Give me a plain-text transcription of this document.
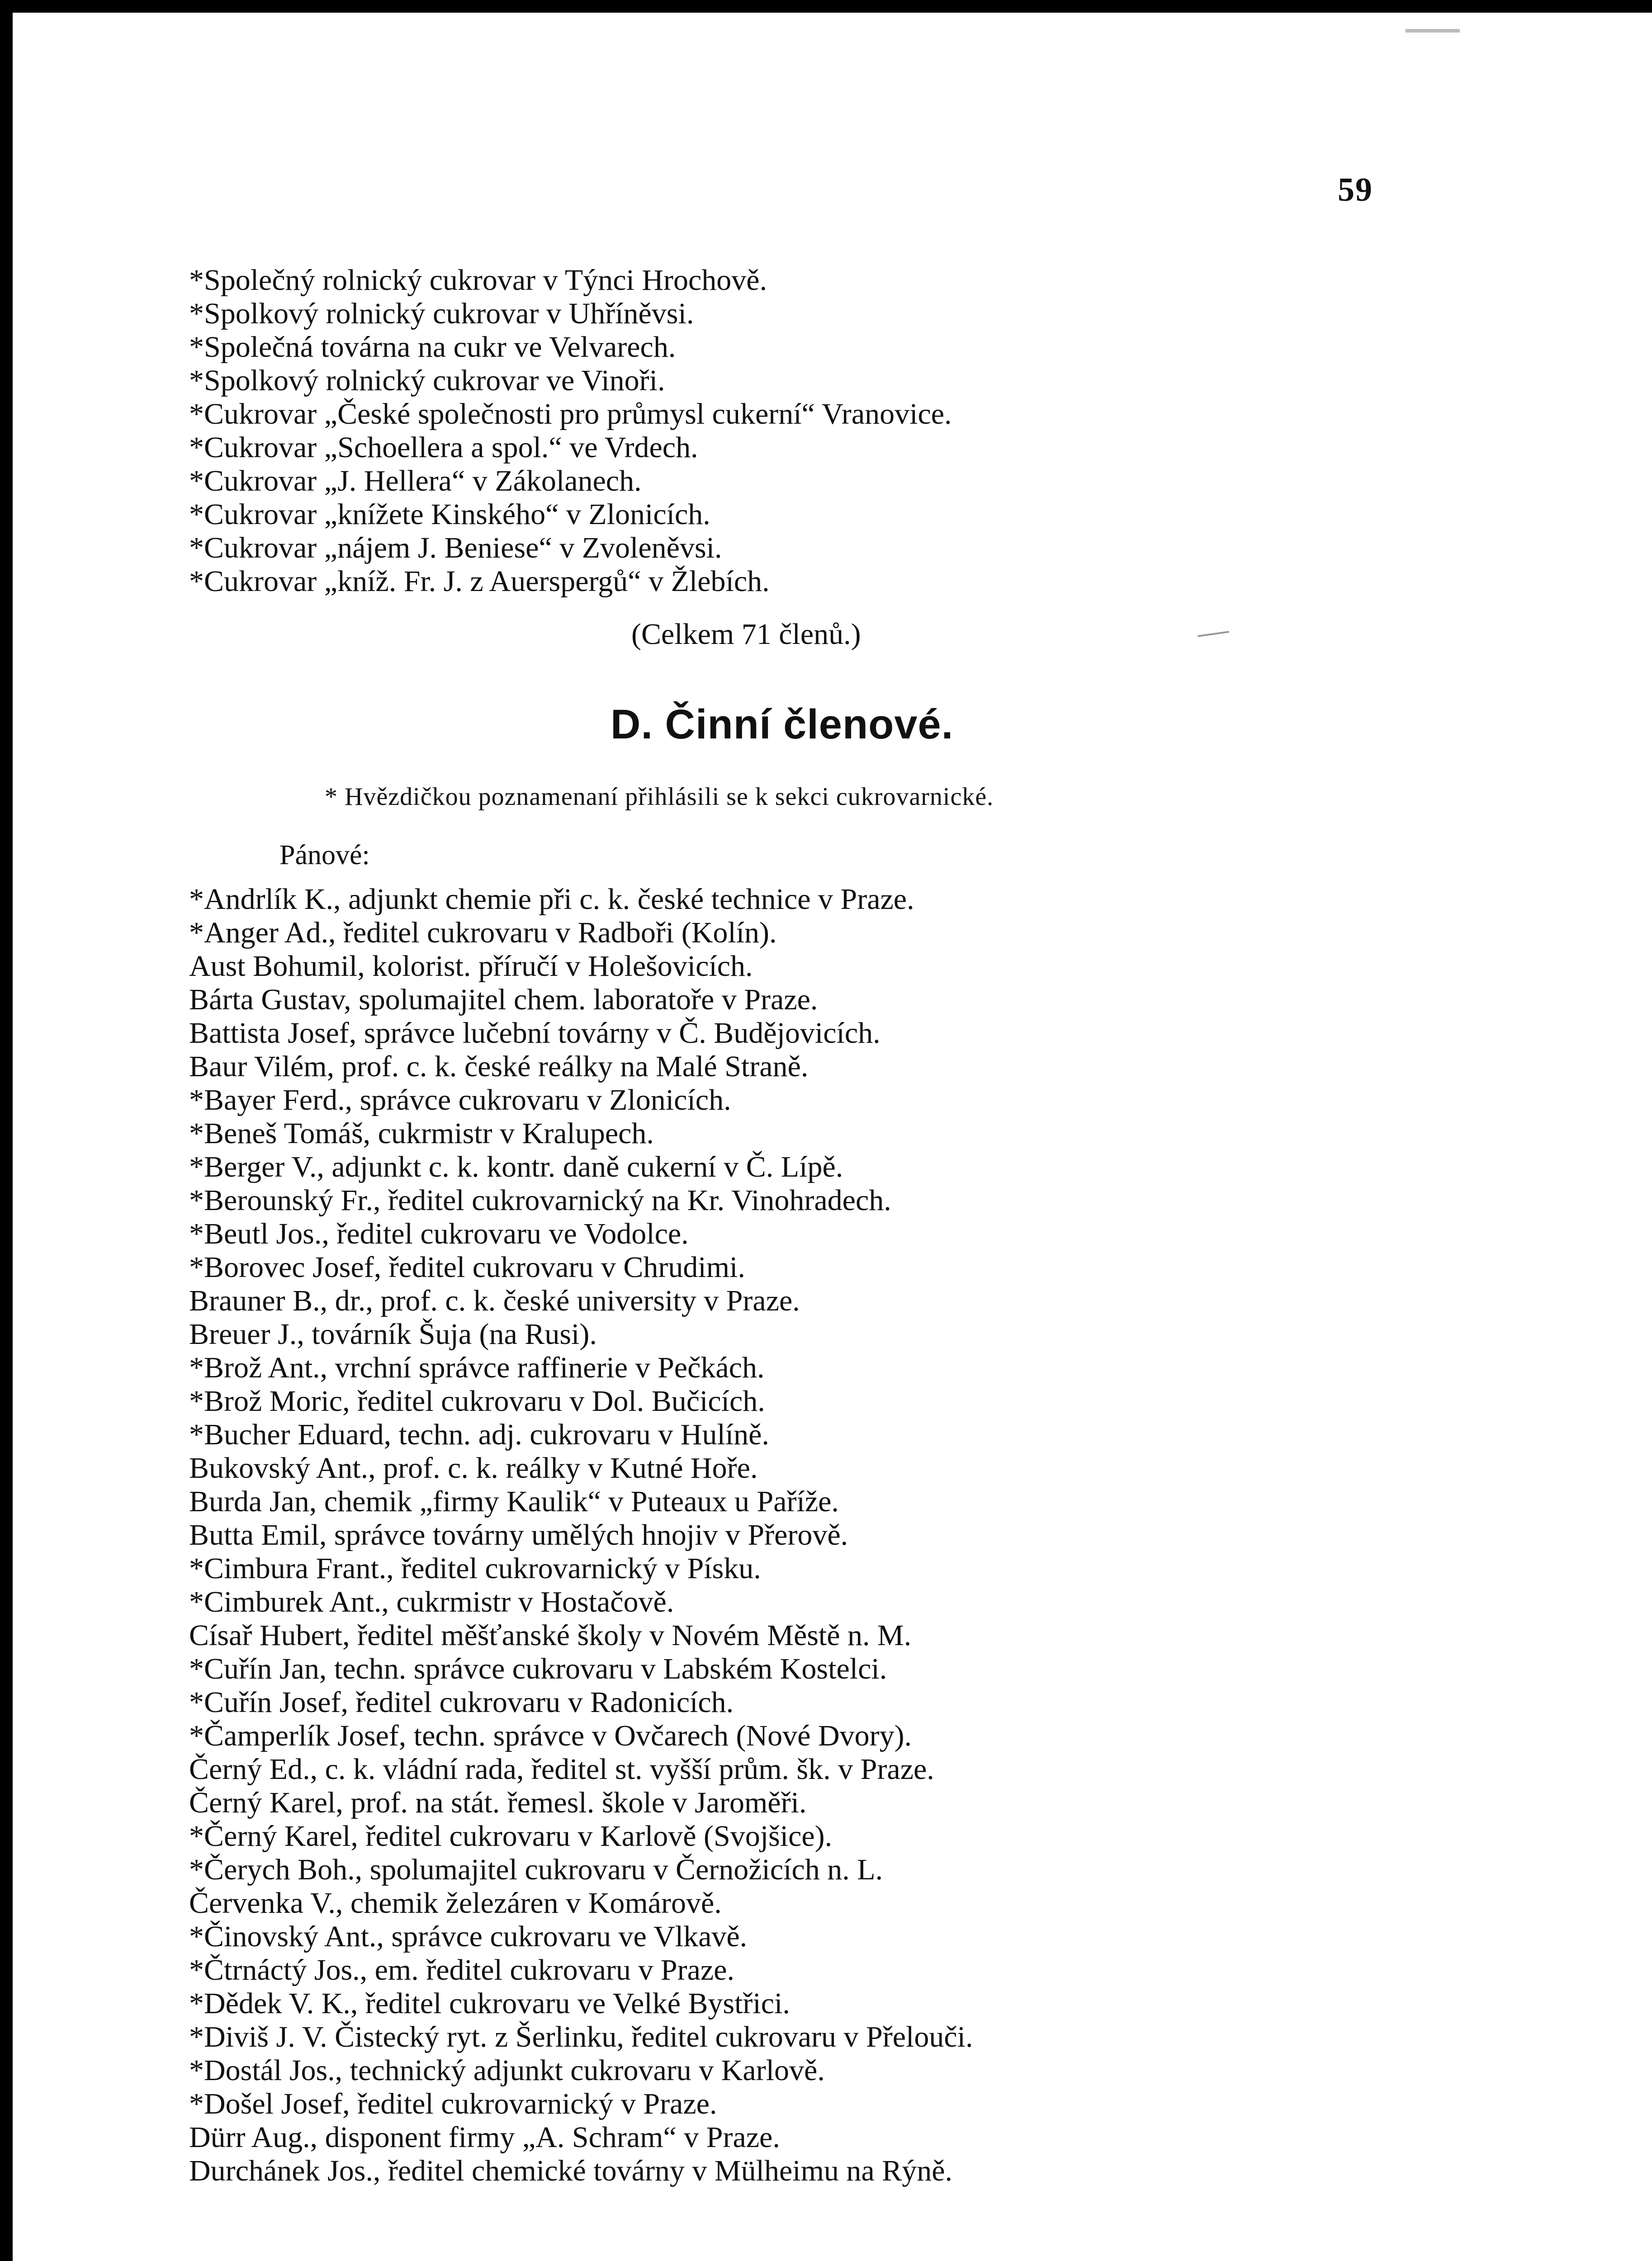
59
*Společný rolnický cukrovar v Týnci Hrochově.
*Spolkový rolnický cukrovar v Uhříněvsi.
*Společná továrna na cukr ve Velvarech.
*Spolkový rolnický cukrovar ve Vinoři.
*Cukrovar „České společnosti pro průmysl cukerní“ Vranovice.
*Cukrovar „Schoellera a spol.“ ve Vrdech.
*Cukrovar „J. Hellera“ v Zákolanech.
*Cukrovar „knížete Kinského“ v Zlonicích.
*Cukrovar „nájem J. Beniese“ v Zvoleněvsi.
*Cukrovar „kníž. Fr. J. z Auerspergů“ v Žlebích.
(Celkem 71 členů.)
D. Činní členové.
* Hvězdičkou poznamenaní přihlásili se k sekci cukrovarnické.
Pánové:
*Andrlík K., adjunkt chemie při c. k. české technice v Praze.
*Anger Ad., ředitel cukrovaru v Radboři (Kolín).
Aust Bohumil, kolorist. příručí v Holešovicích.
Bárta Gustav, spolumajitel chem. laboratoře v Praze.
Battista Josef, správce lučební továrny v Č. Budějovicích.
Baur Vilém, prof. c. k. české reálky na Malé Straně.
*Bayer Ferd., správce cukrovaru v Zlonicích.
*Beneš Tomáš, cukrmistr v Kralupech.
*Berger V., adjunkt c. k. kontr. daně cukerní v Č. Lípě.
*Berounský Fr., ředitel cukrovarnický na Kr. Vinohradech.
*Beutl Jos., ředitel cukrovaru ve Vodolce.
*Borovec Josef, ředitel cukrovaru v Chrudimi.
Brauner B., dr., prof. c. k. české university v Praze.
Breuer J., továrník Šuja (na Rusi).
*Brož Ant., vrchní správce raffinerie v Pečkách.
*Brož Moric, ředitel cukrovaru v Dol. Bučicích.
*Bucher Eduard, techn. adj. cukrovaru v Hulíně.
Bukovský Ant., prof. c. k. reálky v Kutné Hoře.
Burda Jan, chemik „firmy Kaulik“ v Puteaux u Paříže.
Butta Emil, správce továrny umělých hnojiv v Přerově.
*Cimbura Frant., ředitel cukrovarnický v Písku.
*Cimburek Ant., cukrmistr v Hostačově.
Císař Hubert, ředitel měšťanské školy v Novém Městě n. M.
*Cuřín Jan, techn. správce cukrovaru v Labském Kostelci.
*Cuřín Josef, ředitel cukrovaru v Radonicích.
*Čamperlík Josef, techn. správce v Ovčarech (Nové Dvory).
Černý Ed., c. k. vládní rada, ředitel st. vyšší prům. šk. v Praze.
Černý Karel, prof. na stát. řemesl. škole v Jaroměři.
*Černý Karel, ředitel cukrovaru v Karlově (Svojšice).
*Čerych Boh., spolumajitel cukrovaru v Černožicích n. L.
Červenka V., chemik železáren v Komárově.
*Činovský Ant., správce cukrovaru ve Vlkavě.
*Čtrnáctý Jos., em. ředitel cukrovaru v Praze.
*Dědek V. K., ředitel cukrovaru ve Velké Bystřici.
*Diviš J. V. Čistecký ryt. z Šerlinku, ředitel cukrovaru v Přelouči.
*Dostál Jos., technický adjunkt cukrovaru v Karlově.
*Došel Josef, ředitel cukrovarnický v Praze.
Dürr Aug., disponent firmy „A. Schram“ v Praze.
Durchánek Jos., ředitel chemické továrny v Mülheimu na Rýně.
